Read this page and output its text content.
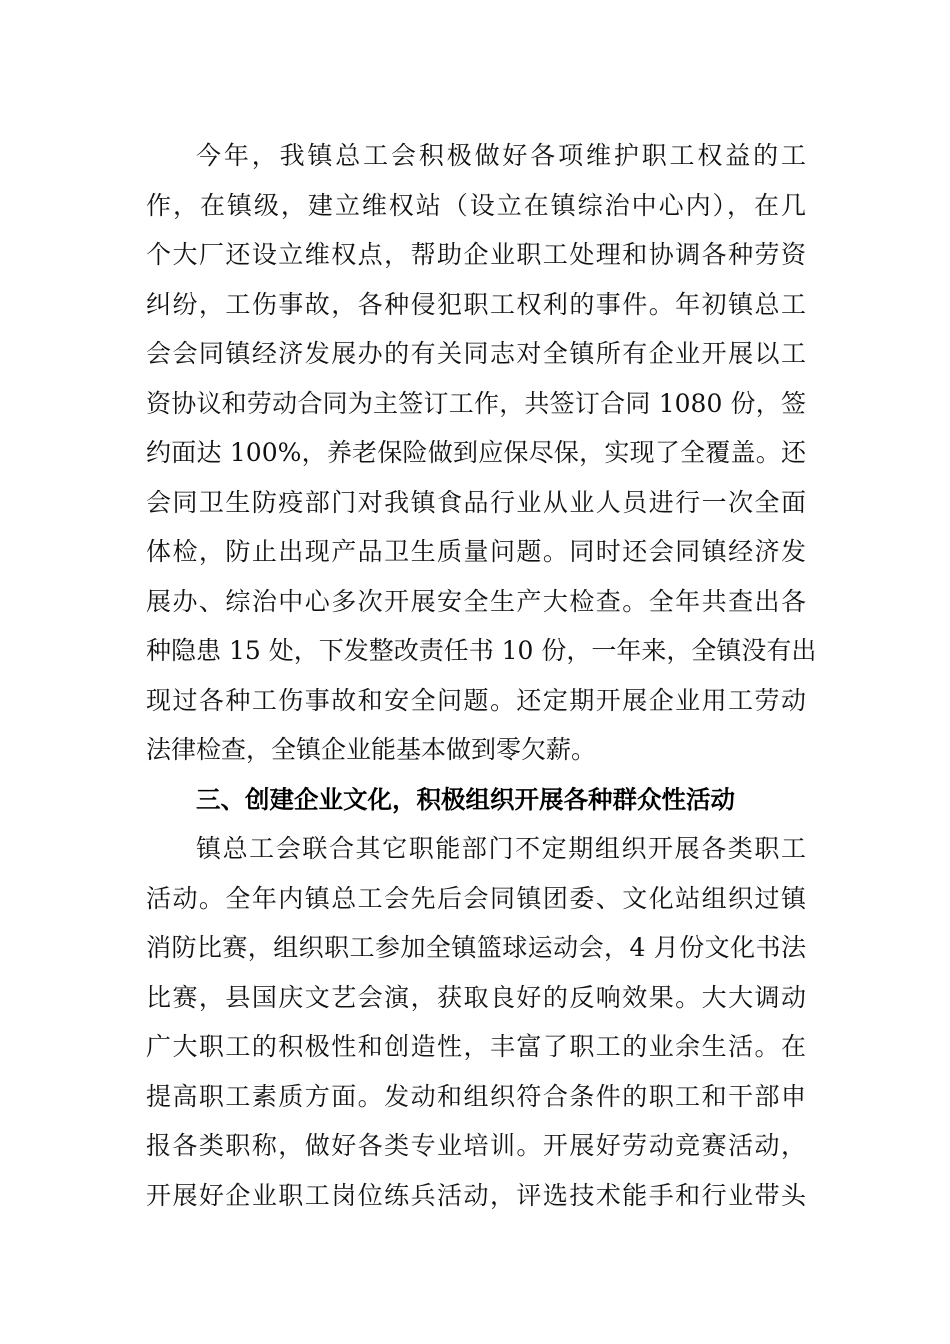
今年，我镇总工会积极做好各项维护职工权益的工
作，在镇级，建立维权站（设立在镇综治中心内），在几
个大厂还设立维权点，帮助企业职工处理和协调各种劳资
纠纷，工伤事故，各种侵犯职工权利的事件。年初镇总工
会会同镇经济发展办的有关同志对全镇所有企业开展以工
资协议和劳动合同为主签订工作，共签订合同 1080 份，签
约面达 100%，养老保险做到应保尽保，实现了全覆盖。还
会同卫生防疫部门对我镇食品行业从业人员进行一次全面
体检，防止出现产品卫生质量问题。同时还会同镇经济发
展办、综治中心多次开展安全生产大检查。全年共查出各
种隐患 15 处，下发整改责任书 10 份，一年来，全镇没有出
现过各种工伤事故和安全问题。还定期开展企业用工劳动
法律检查，全镇企业能基本做到零欠薪。
三、创建企业文化，积极组织开展各种群众性活动
镇总工会联合其它职能部门不定期组织开展各类职工
活动。全年内镇总工会先后会同镇团委、文化站组织过镇
消防比赛，组织职工参加全镇篮球运动会，4 月份文化书法
比赛，县国庆文艺会演，获取良好的反响效果。大大调动
广大职工的积极性和创造性，丰富了职工的业余生活。在
提高职工素质方面。发动和组织符合条件的职工和干部申
报各类职称，做好各类专业培训。开展好劳动竞赛活动，
开展好企业职工岗位练兵活动，评选技术能手和行业带头
